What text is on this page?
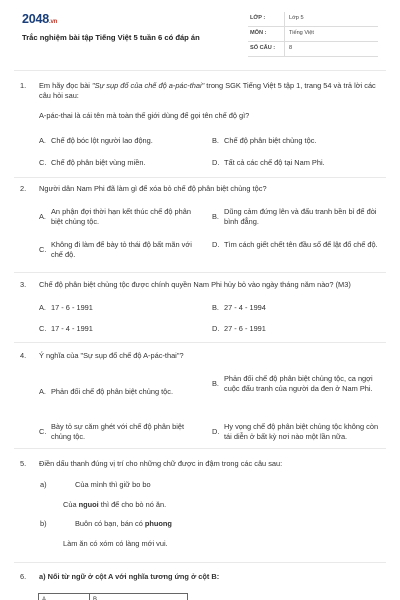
2048.vn
Trắc nghiệm bài tập Tiếng Việt 5 tuần 6 có đáp án
LỚP :	Lớp 5
MÔN :	Tiếng Việt
SỐ CÂU :	8
1.	Em hãy đọc bài "Sự sụp đổ của chế độ a-pác-thai" trong SGK Tiếng Việt 5 tập 1, trang 54 và trả lời các câu hỏi sau:
A-pác-thai là cái tên mà toàn thế giới dùng để gọi tên chế độ gì?
A. Chế độ bóc lột người lao động.	B. Chế độ phân biệt chủng tộc.
C. Chế độ phân biệt vùng miền.	D. Tất cả các chế độ tại Nam Phi.
2.	Người dân Nam Phi đã làm gì để xóa bỏ chế độ phân biệt chủng tộc?
A.
An phận đợi thời hạn kết thúc chế độ phân biệt chủng tộc.
B.
Dũng cảm đứng lên và đấu tranh bền bỉ để đòi bình đẳng.
C.
Không đi làm để bày tỏ thái độ bất mãn với chế độ.
D. Tìm cách giết chết tên đầu số để lật đổ chế độ.
3.	Chế độ phân biệt chủng tộc được chính quyền Nam Phi hủy bỏ vào ngày tháng năm nào? (M3)
A. 17 - 6 - 1991	B. 27 - 4 - 1994
C. 17 - 4 - 1991	D. 27 - 6 - 1991
4.	Ý nghĩa của "Sự sụp đổ chế độ A-pác-thai"?
A. Phản đối chế độ phân biệt chủng tộc.
B.
Phản đối chế độ phân biệt chủng tộc, ca ngợi cuộc đấu tranh của người da đen ở Nam Phi.
C.
Bày tỏ sự căm ghét với chế độ phân biệt chủng tộc.
D.
Hy vọng chế độ phân biệt chủng tộc không còn tái diễn ở bất kỳ nơi nào một lần nữa.
5.	Điền dấu thanh đúng vị trí cho những chữ được in đậm trong các câu sau:
a)	Của mình thì giữ bo bo
Của nguoi thì để cho bò nó ăn.
b)	Buôn có bạn, bán có phuong
Làm ăn có xóm có làng mới vui.
6.	a) Nối từ ngữ ở cột A với nghĩa tương ứng ở cột B:
A	B
